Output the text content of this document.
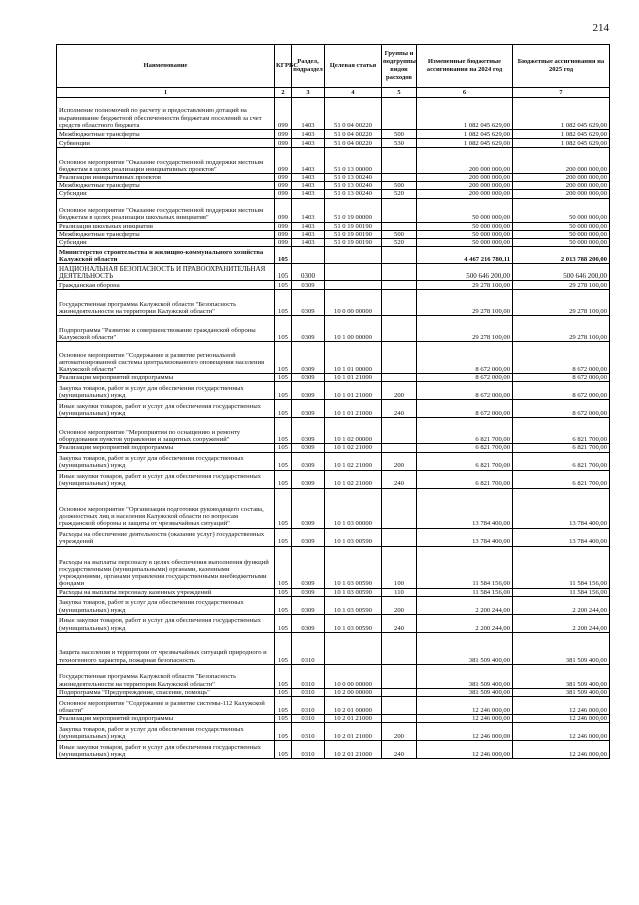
214
Наименование	КГРБС	Раздел, подраздел	Целевая статья	Группы и подгруппы видов расходов	Измененные бюджетные ассигнования на 2024 год	Бюджетные ассигнования на 2025 год
1	2	3	4	5	6	7
Исполнение полномочий по расчету и предоставлению дотаций на выравнивание бюджетной обеспеченности бюджетам поселений за счет средств областного бюджета	099	1403	51 0 04 00220		1 082 045 629,00	1 082 045 629,00
Межбюджетные трансферты	099	1403	51 0 04 00220	500	1 082 045 629,00	1 082 045 629,00
Субвенции	099	1403	51 0 04 00220	530	1 082 045 629,00	1 082 045 629,00
Основное мероприятие "Оказание государственной поддержки местным бюджетам в целях реализации инициативных проектов"	099	1403	51 0 13 00000		200 000 000,00	200 000 000,00
Реализация инициативных проектов	099	1403	51 0 13 00240		200 000 000,00	200 000 000,00
Межбюджетные трансферты	099	1403	51 0 13 00240	500	200 000 000,00	200 000 000,00
Субсидии	099	1403	51 0 13 00240	520	200 000 000,00	200 000 000,00
Основное мероприятие "Оказание государственной поддержки местным бюджетам в целях реализации школьных инициатив"	099	1403	51 0 19 00000		50 000 000,00	50 000 000,00
Реализация школьных инициатив	099	1403	51 0 19 00190		50 000 000,00	50 000 000,00
Межбюджетные трансферты	099	1403	51 0 19 00190	500	50 000 000,00	50 000 000,00
Субсидии	099	1403	51 0 19 00190	520	50 000 000,00	50 000 000,00
Министерство строительства и жилищно-коммунального хозяйства Калужской области	105				4 467 216 780,11	2 013 788 200,00
НАЦИОНАЛЬНАЯ БЕЗОПАСНОСТЬ И ПРАВООХРАНИТЕЛЬНАЯ ДЕЯТЕЛЬНОСТЬ	105	0300			500 646 200,00	500 646 200,00
Гражданская оборона	105	0309			29 278 100,00	29 278 100,00
Государственная программа Калужской области "Безопасность жизнедеятельности на территории Калужской области"	105	0309	10 0 00 00000		29 278 100,00	29 278 100,00
Подпрограмма "Развитие и совершенствование гражданской обороны Калужской области"	105	0309	10 1 00 00000		29 278 100,00	29 278 100,00
Основное мероприятие "Содержание и развитие региональной автоматизированной системы централизованного оповещения населения Калужской области"	105	0309	10 1 01 00000		8 672 000,00	8 672 000,00
Реализация мероприятий подпрограммы	105	0309	10 1 01 21000		8 672 000,00	8 672 000,00
Закупка товаров, работ и услуг для обеспечения государственных (муниципальных) нужд	105	0309	10 1 01 21000	200	8 672 000,00	8 672 000,00
Иные закупки товаров, работ и услуг для обеспечения государственных (муниципальных) нужд	105	0309	10 1 01 21000	240	8 672 000,00	8 672 000,00
Основное мероприятие "Мероприятия по оснащению и ремонту оборудования пунктов управления и защитных сооружений"	105	0309	10 1 02 00000		6 821 700,00	6 821 700,00
Реализация мероприятий подпрограммы	105	0309	10 1 02 21000		6 821 700,00	6 821 700,00
Закупка товаров, работ и услуг для обеспечения государственных (муниципальных) нужд	105	0309	10 1 02 21000	200	6 821 700,00	6 821 700,00
Иные закупки товаров, работ и услуг для обеспечения государственных (муниципальных) нужд	105	0309	10 1 02 21000	240	6 821 700,00	6 821 700,00
Основное мероприятие "Организация подготовки руководящего состава, должностных лиц и населения Калужской области по вопросам гражданской обороны и защиты от чрезвычайных ситуаций"	105	0309	10 1 03 00000		13 784 400,00	13 784 400,00
Расходы на обеспечение деятельности (оказание услуг) государственных учреждений	105	0309	10 1 03 00590		13 784 400,00	13 784 400,00
Расходы на выплаты персоналу в целях обеспечения выполнения функций государственными (муниципальными) органами, казенными учреждениями, органами управления государственными внебюджетными фондами	105	0309	10 1 03 00590	100	11 584 156,00	11 584 156,00
Расходы на выплаты персоналу казенных учреждений	105	0309	10 1 03 00590	110	11 584 156,00	11 584 156,00
Закупка товаров, работ и услуг для обеспечения государственных (муниципальных) нужд	105	0309	10 1 03 00590	200	2 200 244,00	2 200 244,00
Иные закупки товаров, работ и услуг для обеспечения государственных (муниципальных) нужд	105	0309	10 1 03 00590	240	2 200 244,00	2 200 244,00
Защита населения и территории от чрезвычайных ситуаций природного и техногенного характера, пожарная безопасность	105	0310			381 509 400,00	381 509 400,00
Государственная программа Калужской области "Безопасность жизнедеятельности на территории Калужской области"	105	0310	10 0 00 00000		381 509 400,00	381 509 400,00
Подпрограмма "Предупреждение, спасение, помощь"	105	0310	10 2 00 00000		381 509 400,00	381 509 400,00
Основное мероприятие "Содержание и развитие системы-112 Калужской области"	105	0310	10 2 01 00000		12 246 000,00	12 246 000,00
Реализация мероприятий подпрограммы	105	0310	10 2 01 21000		12 246 000,00	12 246 000,00
Закупка товаров, работ и услуг для обеспечения государственных (муниципальных) нужд	105	0310	10 2 01 21000	200	12 246 000,00	12 246 000,00
Иные закупки товаров, работ и услуг для обеспечения государственных (муниципальных) нужд	105	0310	10 2 01 21000	240	12 246 000,00	12 246 000,00
